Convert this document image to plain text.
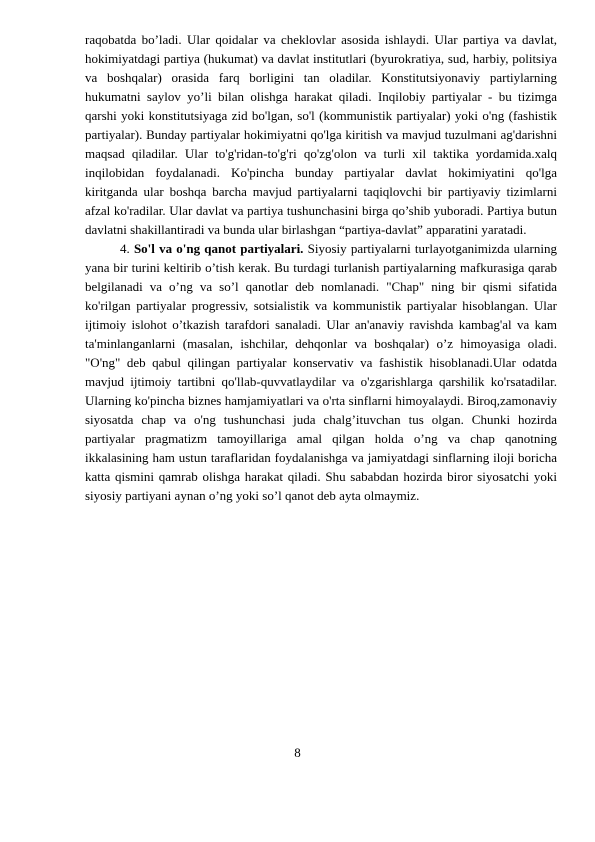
raqobatda bo’ladi. Ular qoidalar va cheklovlar asosida ishlaydi. Ular partiya va davlat, hokimiyatdagi partiya (hukumat) va davlat institutlari (byurokratiya, sud, harbiy, politsiya va boshqalar) orasida farq borligini tan oladilar. Konstitutsiyonaviy partiylarning hukumatni saylov yo’li bilan olishga harakat qiladi. Inqilobiy partiyalar - bu tizimga qarshi yoki konstitutsiyaga zid bo'lgan, so'l (kommunistik partiyalar) yoki o'ng (fashistik partiyalar). Bunday partiyalar hokimiyatni qo'lga kiritish va mavjud tuzulmani ag'darishni maqsad qiladilar. Ular to'g'ridan-to'g'ri qo'zg'olon va turli xil taktika yordamida.xalq inqilobidan foydalanadi. Ko'pincha bunday partiyalar davlat hokimiyatini qo'lga kiritganda ular boshqa barcha mavjud partiyalarni taqiqlovchi bir partiyaviy tizimlarni afzal ko'radilar. Ular davlat va partiya tushunchasini birga qo’shib yuboradi. Partiya butun davlatni shakillantiradi va bunda ular birlashgan “partiya-davlat” apparatini yaratadi.

4. So'l va o'ng qanot partiyalari. Siyosiy partiyalarni turlayotganimizda ularning yana bir turini keltirib o’tish kerak. Bu turdagi turlanish partiyalarning mafkurasiga qarab belgilanadi va o’ng va so’l qanotlar deb nomlanadi. "Chap" ning bir qismi sifatida ko'rilgan partiyalar progressiv, sotsialistik va kommunistik partiyalar hisoblangan. Ular ijtimoiy islohot o’tkazish tarafdori sanaladi. Ular an'anaviy ravishda kambag'al va kam ta'minlanganlarni (masalan, ishchilar, dehqonlar va boshqalar) o’z himoyasiga oladi. "O'ng" deb qabul qilingan partiyalar konservativ va fashistik hisoblanadi.Ular odatda mavjud ijtimoiy tartibni qo'llab-quvvatlaydilar va o'zgarishlarga qarshilik ko'rsatadilar. Ularning ko'pincha biznes hamjamiyatlari va o'rta sinflarni himoyalaydi. Biroq,zamonaviy siyosatda chap va o'ng tushunchasi juda chalg’ituvchan tus olgan. Chunki hozirda partiyalar pragmatizm tamoyillariga amal qilgan holda o’ng va chap qanotning ikkalasining ham ustun taraflaridan foydalanishga va jamiyatdagi sinflarning iloji boricha katta qismini qamrab olishga harakat qiladi. Shu sababdan hozirda biror siyosatchi yoki siyosiy partiyani aynan o’ng yoki so’l qanot deb ayta olmaymiz.

8
